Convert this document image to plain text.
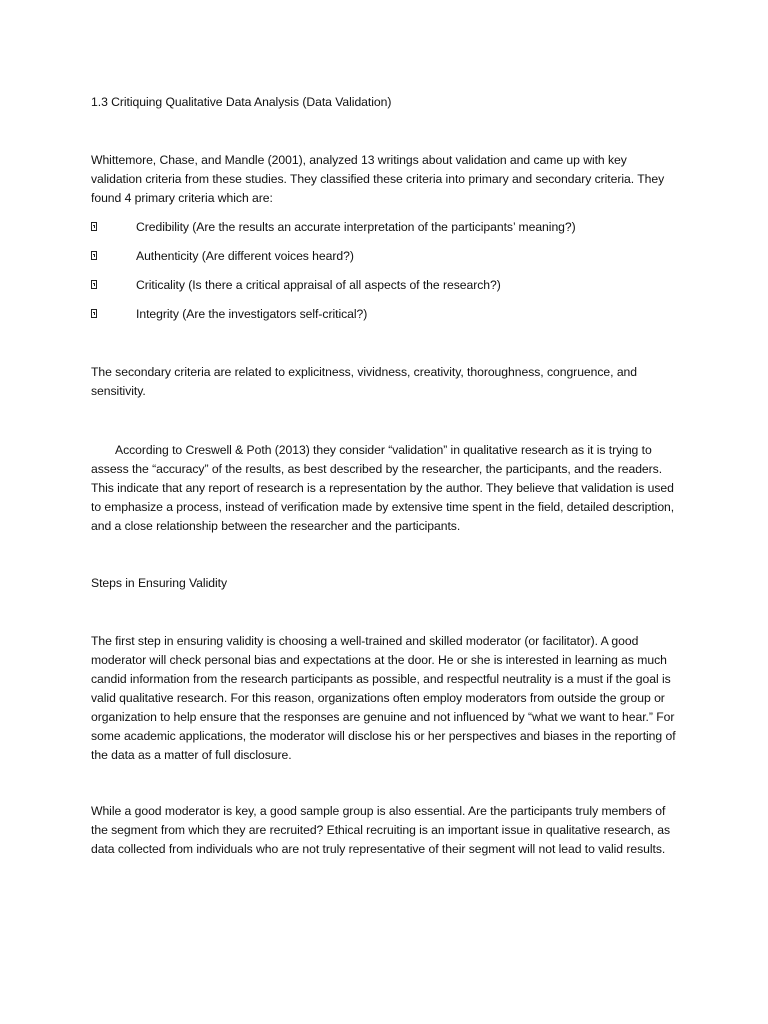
1.3 Critiquing Qualitative Data Analysis (Data Validation)

Whittemore, Chase, and Mandle (2001), analyzed 13 writings about validation and came up with key validation criteria from these studies. They classified these criteria into primary and secondary criteria. They found 4 primary criteria which are:

Credibility (Are the results an accurate interpretation of the participants’ meaning?)
Authenticity (Are different voices heard?)
Criticality (Is there a critical appraisal of all aspects of the research?)
Integrity (Are the investigators self-critical?)

The secondary criteria are related to explicitness, vividness, creativity, thoroughness, congruence, and sensitivity.

According to Creswell & Poth (2013) they consider “validation” in qualitative research as it is trying to assess the “accuracy” of the results, as best described by the researcher, the participants, and the readers. This indicate that any report of research is a representation by the author. They believe that validation is used to emphasize a process, instead of verification made by extensive time spent in the field, detailed description, and a close relationship between the researcher and the participants.

Steps in Ensuring Validity

The first step in ensuring validity is choosing a well-trained and skilled moderator (or facilitator). A good moderator will check personal bias and expectations at the door. He or she is interested in learning as much candid information from the research participants as possible, and respectful neutrality is a must if the goal is valid qualitative research. For this reason, organizations often employ moderators from outside the group or organization to help ensure that the responses are genuine and not influenced by “what we want to hear.” For some academic applications, the moderator will disclose his or her perspectives and biases in the reporting of the data as a matter of full disclosure.

While a good moderator is key, a good sample group is also essential. Are the participants truly members of the segment from which they are recruited? Ethical recruiting is an important issue in qualitative research, as data collected from individuals who are not truly representative of their segment will not lead to valid results.
